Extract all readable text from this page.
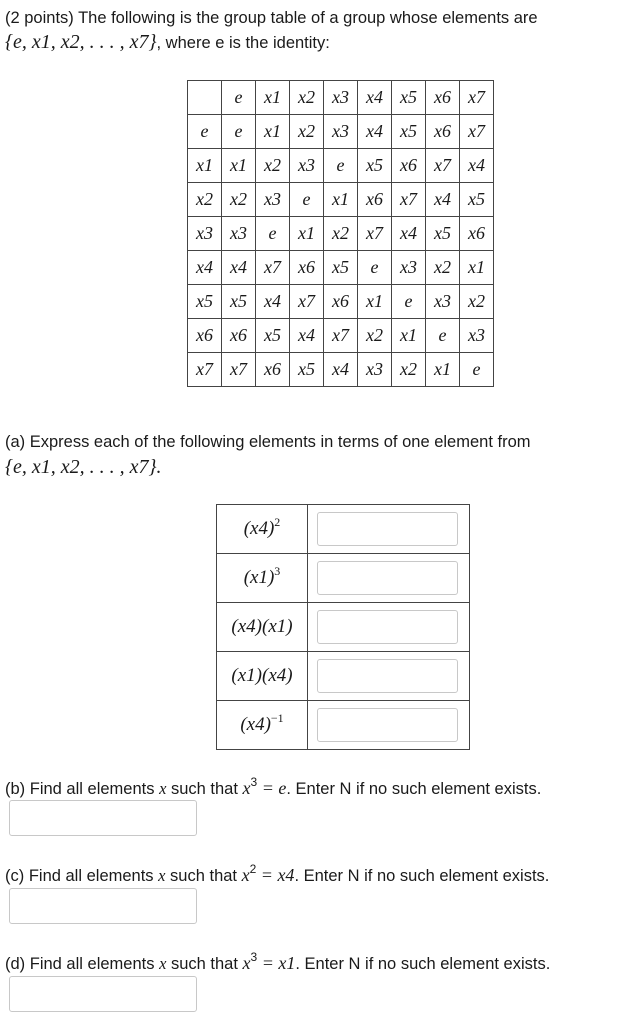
(2 points) The following is the group table of a group whose elements are
{e, x1, x2, . . . , x7}, where e is the identity:
	e	x1	x2	x3	x4	x5	x6	x7
e	e	x1	x2	x3	x4	x5	x6	x7
x1	x1	x2	x3	e	x5	x6	x7	x4
x2	x2	x3	e	x1	x6	x7	x4	x5
x3	x3	e	x1	x2	x7	x4	x5	x6
x4	x4	x7	x6	x5	e	x3	x2	x1
x5	x5	x4	x7	x6	x1	e	x3	x2
x6	x6	x5	x4	x7	x2	x1	e	x3
x7	x7	x6	x5	x4	x3	x2	x1	e
(a) Express each of the following elements in terms of one element from
{e, x1, x2, . . . , x7}.
$(x4)^2$	

$(x1)^3$	

(x4)(x1)	

(x1)(x4)	

$(x4)^{-1}$	
(b) Find all elements x such that $x^3 = e$. Enter N if no such element exists.
(c) Find all elements x such that $x^2 = x4$. Enter N if no such element exists.
(d) Find all elements x such that $x^3 = x1$. Enter N if no such element exists.
